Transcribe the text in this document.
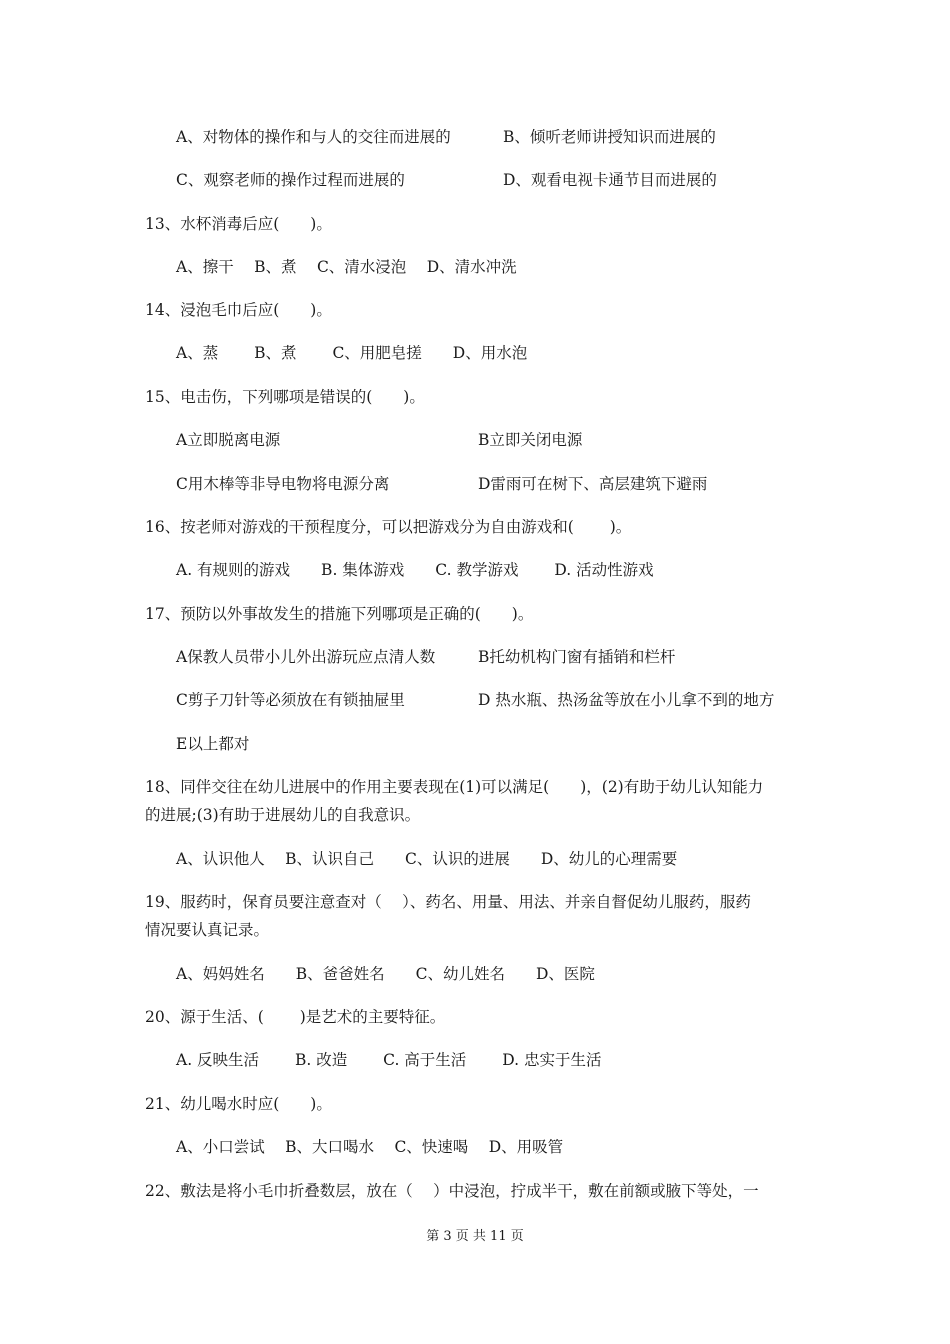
A、对物体的操作和与人的交往而进展的	B、倾听老师讲授知识而进展的
C、观察老师的操作过程而进展的	D、观看电视卡通节目而进展的
13、水杯消毒后应(　　)。
A、擦干　 B、煮　 C、清水浸泡　 D、清水冲洗
14、浸泡毛巾后应(　　)。
A、蒸　　 B、煮　　 C、用肥皂搓　　D、用水泡
15、电击伤，下列哪项是错误的(　　)。
A立即脱离电源	B立即关闭电源
C用木棒等非导电物将电源分离	D雷雨可在树下、高层建筑下避雨
16、按老师对游戏的干预程度分，可以把游戏分为自由游戏和(　　 )。
A. 有规则的游戏　　B. 集体游戏　　C. 教学游戏　　 D. 活动性游戏
17、预防以外事故发生的措施下列哪项是正确的(　　)。
A保教人员带小儿外出游玩应点清人数	B托幼机构门窗有插销和栏杆
C剪子刀针等必须放在有锁抽屉里	D 热水瓶、热汤盆等放在小儿拿不到的地方
E以上都对
18、同伴交往在幼儿进展中的作用主要表现在(1)可以满足(　　)，(2)有助于幼儿认知能力
的进展;(3)有助于进展幼儿的自我意识。
A、认识他人　 B、认识自己　　C、认识的进展　　D、幼儿的心理需要
19、服药时，保育员要注意查对（　 ）、药名、用量、用法、并亲自督促幼儿服药，服药
情况要认真记录。
A、妈妈姓名　　B、爸爸姓名　　C、幼儿姓名　　D、医院
20、源于生活、(　　 )是艺术的主要特征。
A. 反映生活　　 B. 改造　　 C. 高于生活　　 D. 忠实于生活
21、幼儿喝水时应(　　)。
A、小口尝试　 B、大口喝水　 C、快速喝　 D、用吸管
22、敷法是将小毛巾折叠数层，放在（　 ）中浸泡，拧成半干，敷在前额或腋下等处，一
第 3 页 共 11 页
